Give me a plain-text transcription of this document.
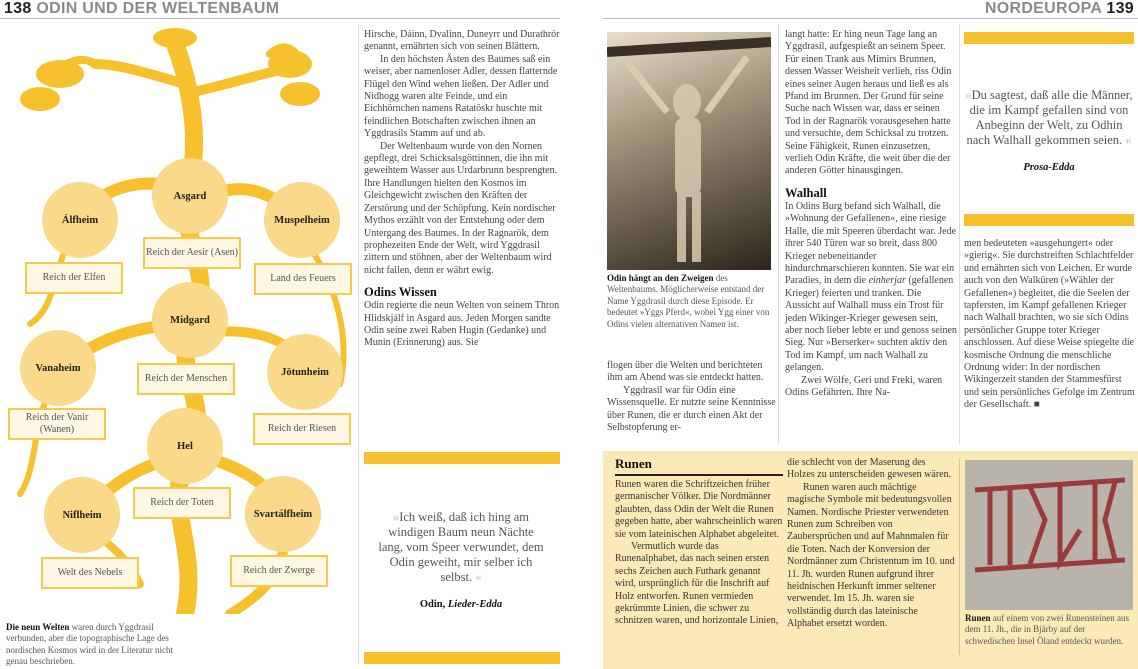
138 ODIN UND DER WELTENBAUM	NORDEUROPA 139
Asgard
Álfheim	Muspelheim
Midgard
Vanaheim	Jötunheim
Hel
Niflheim	Svartálfheim
Reich der Aesir (Asen)
Reich der Elfen	Land des Feuers
Reich der Menschen
Reich der Vanir (Wanen)	Reich der Riesen
Reich der Toten
Welt des Nebels	Reich der Zwerge
Die neun Welten waren durch Yggdrasil verbunden, aber die topographische Lage des nordischen Kosmos wird in der Literatur nicht genau beschrieben.

Hirsche, Dáinn, Dvalinn, Duneyrr und Durathrór genannt, ernährten sich von seinen Blättern.

In den höchsten Ästen des Baumes saß ein weiser, aber namenloser Adler, dessen flatternde Flügel den Wind wehen ließen. Der Adler und Nidhogg waren alte Feinde, und ein Eichhörnchen namens Ratatöskr huschte mit feindlichen Botschaften zwischen ihnen an Yggdrasils Stamm auf und ab.

Der Weltenbaum wurde von den Nornen gepflegt, drei Schicksalsgöttinnen, die ihn mit geweihtem Wasser aus Urdarbrunn besprengten. Ihre Handlungen hielten den Kosmos im Gleichgewicht zwischen den Kräften der Zerstörung und der Schöpfung. Kein nordischer Mythos erzählt von der Entstehung oder dem Untergang des Baumes. In der Ragnarök, dem prophezeiten Ende der Welt, wird Yggdrasil zittern und stöhnen, aber der Weltenbaum wird nicht fallen, denn er währt ewig.

Odins Wissen

Odin regierte die neun Welten von seinem Thron Hlidskjálf in Asgard aus. Jeden Morgen sandte Odin seine zwei Raben Hugin (Gedanke) und Munin (Erinnerung) aus. Sie

»Ich weiß, daß ich hing am windigen Baum neun Nächte lang, vom Speer verwundet, dem Odin geweiht, mir selber ich selbst. «
Odin, Lieder-Edda
Odin hängt an den Zweigen des Weltenbaums. Möglicherweise entstand der Name Yggdrasil durch diese Episode. Er bedeutet »Yggs Pferd«, wobei Ygg einer von Odins vielen alternativen Namen ist.

flogen über die Welten und berichteten ihm am Abend was sie entdeckt hatten.

Yggdrasil war für Odin eine Wissensquelle. Er nutzte seine Kenntnisse über Runen, die er durch einen Akt der Selbstopferung er-

langt hatte: Er hing neun Tage lang an Yggdrasil, aufgespießt an seinem Speer. Für einen Trank aus Mímirs Brunnen, dessen Wasser Weisheit verlieh, riss Odin eines seiner Augen heraus und ließ es als Pfand im Brunnen. Der Grund für seine Suche nach Wissen war, dass er seinen Tod in der Ragnarök vorausgesehen hatte und versuchte, dem Schicksal zu trotzen. Seine Fähigkeit, Runen einzusetzen, verlieh Odin Kräfte, die weit über die der anderen Götter hinausgingen.

Walhall

In Odins Burg befand sich Walhall, die »Wohnung der Gefallenen«, eine riesige Halle, die mit Speeren überdacht war. Jede ihrer 540 Türen war so breit, dass 800 Krieger nebeneinander hindurchmarschieren konnten. Sie war ein Paradies, in dem die einherjar (gefallenen Krieger) feierten und tranken. Die Aussicht auf Walhall muss ein Trost für jeden Wikinger-Krieger gewesen sein, aber noch lieber lebte er und genoss seinen Sieg. Nur »Berserker« suchten aktiv den Tod im Kampf, um nach Walhall zu gelangen.

Zwei Wölfe, Geri und Freki, waren Odins Gefährten. Ihre Na-

»Du sagtest, daß alle die Männer, die im Kampf gefallen sind von Anbeginn der Welt, zu Odhin nach Walhall gekommen seien. «
Prosa-Edda

men bedeuteten »ausgehungert« oder »gierig«. Sie durchstreiften Schlachtfelder und ernährten sich von Leichen. Er wurde auch von den Walküren (»Wähler der Gefallenen«) begleitet, die die Seelen der tapfersten, im Kampf gefallenen Krieger nach Walhall brachten, wo sie sich Odins persönlicher Gruppe toter Krieger anschlossen. Auf diese Weise spiegelte die kosmische Ordnung die menschliche Ordnung wider: In der nordischen Wikingerzeit standen der Stammesfürst und sein persönliches Gefolge im Zentrum der Gesellschaft. ■

Runen

Runen waren die Schriftzeichen früher germanischer Völker. Die Nordmänner glaubten, dass Odin der Welt die Runen gegeben hatte, aber wahrscheinlich waren sie vom lateinischen Alphabet abgeleitet.

Vermutlich wurde das Runenalphabet, das nach seinen ersten sechs Zeichen auch Futhark genannt wird, ursprünglich für die Inschrift auf Holz entworfen. Runen vermieden gekrümmte Linien, die schwer zu schnitzen waren, und horizontale Linien,

die schlecht von der Maserung des Holzes zu unterscheiden gewesen wären.

Runen waren auch mächtige magische Symbole mit bedeutungsvollen Namen. Nordische Priester verwendeten Runen zum Schreiben von Zaubersprüchen und auf Mahnmalen für die Toten. Nach der Konversion der Nordmänner zum Christentum im 10. und 11. Jh. wurden Runen aufgrund ihrer heidnischen Herkunft immer seltener verwendet. Im 15. Jh. waren sie vollständig durch das lateinische Alphabet ersetzt worden.

Runen auf einem von zwei Runensteinen aus dem 11. Jh., die in Bjärby auf der schwedischen Insel Öland entdeckt wurden.
